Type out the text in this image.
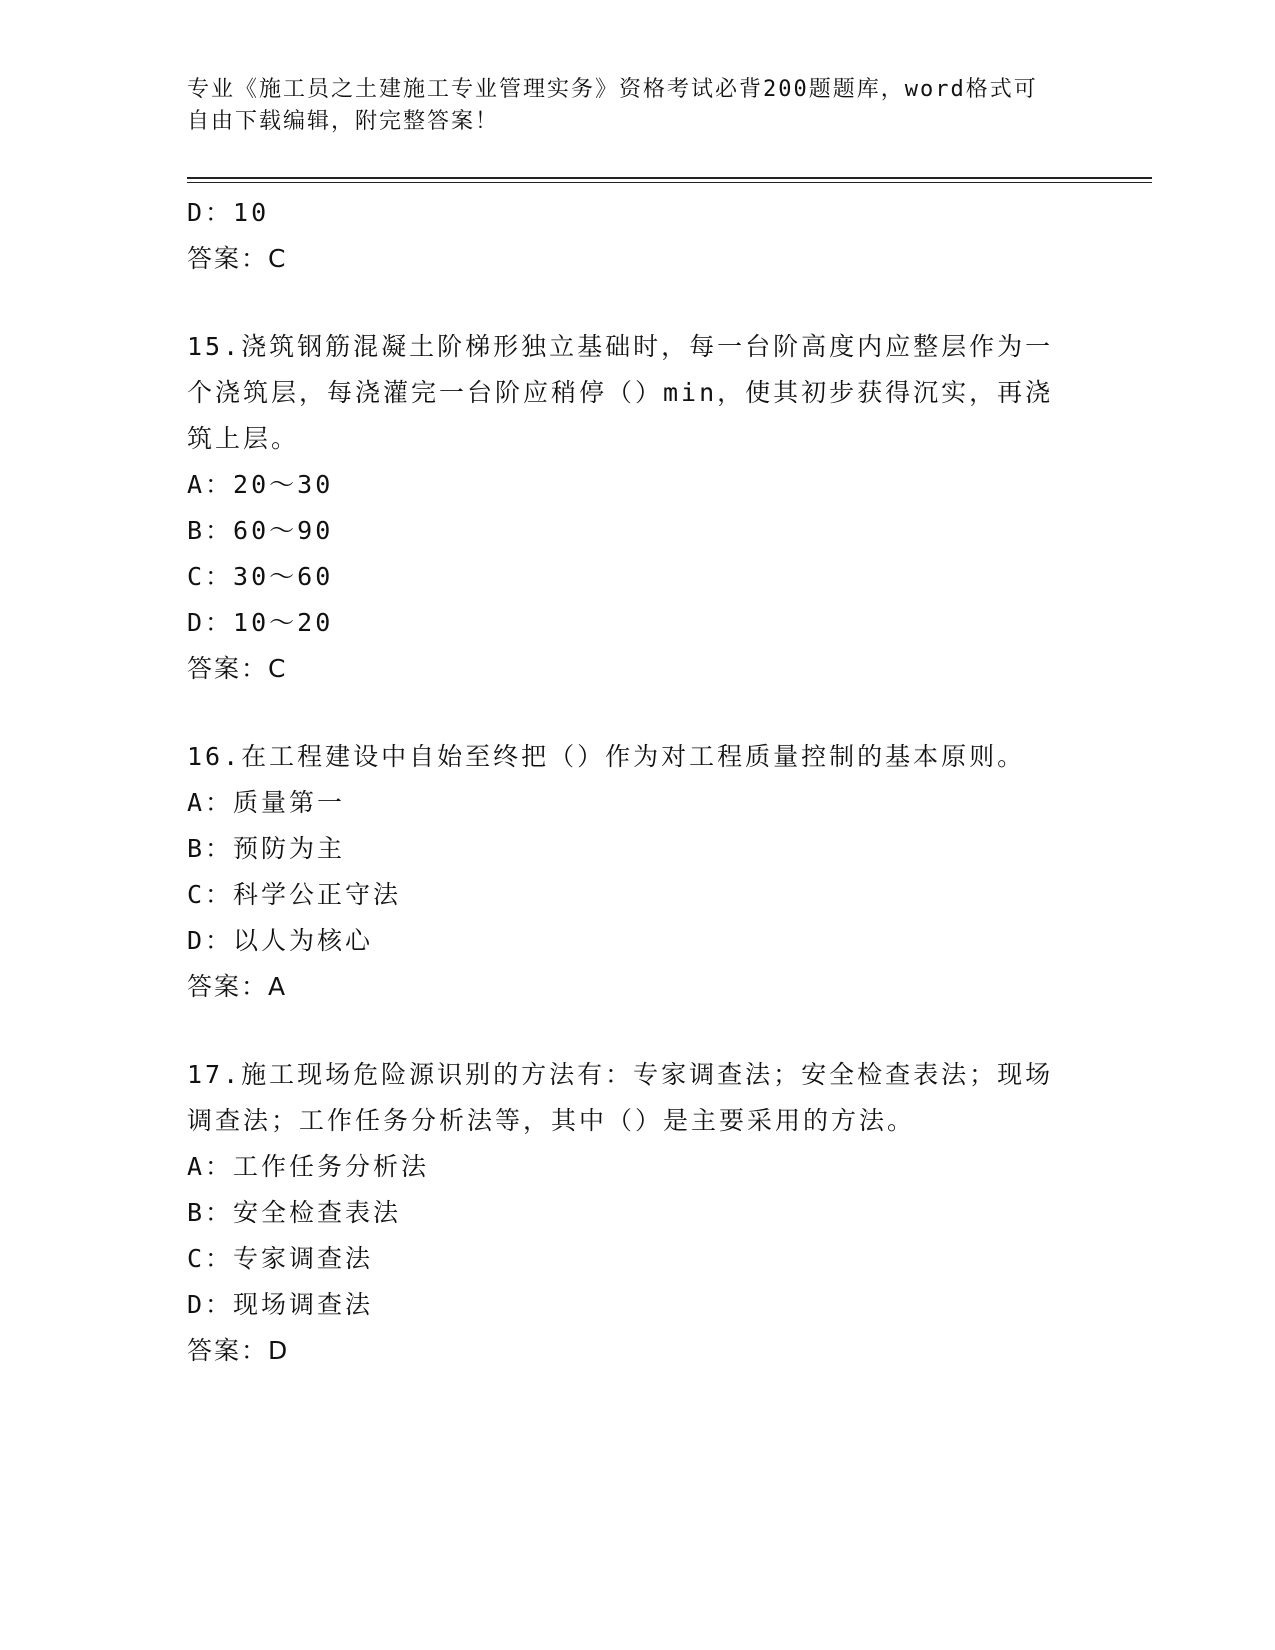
专业《施工员之土建施工专业管理实务》资格考试必背200题题库，word格式可
自由下载编辑，附完整答案！
D：10
答案：C
15.浇筑钢筋混凝土阶梯形独立基础时，每一台阶高度内应整层作为一
个浇筑层，每浇灌完一台阶应稍停（）min，使其初步获得沉实，再浇
筑上层。
A：20～30
B：60～90
C：30～60
D：10～20
答案：C
16.在工程建设中自始至终把（）作为对工程质量控制的基本原则。
A：质量第一
B：预防为主
C：科学公正守法
D：以人为核心
答案：A
17.施工现场危险源识别的方法有：专家调查法；安全检查表法；现场
调查法；工作任务分析法等，其中（）是主要采用的方法。
A：工作任务分析法
B：安全检查表法
C：专家调查法
D：现场调查法
答案：D
